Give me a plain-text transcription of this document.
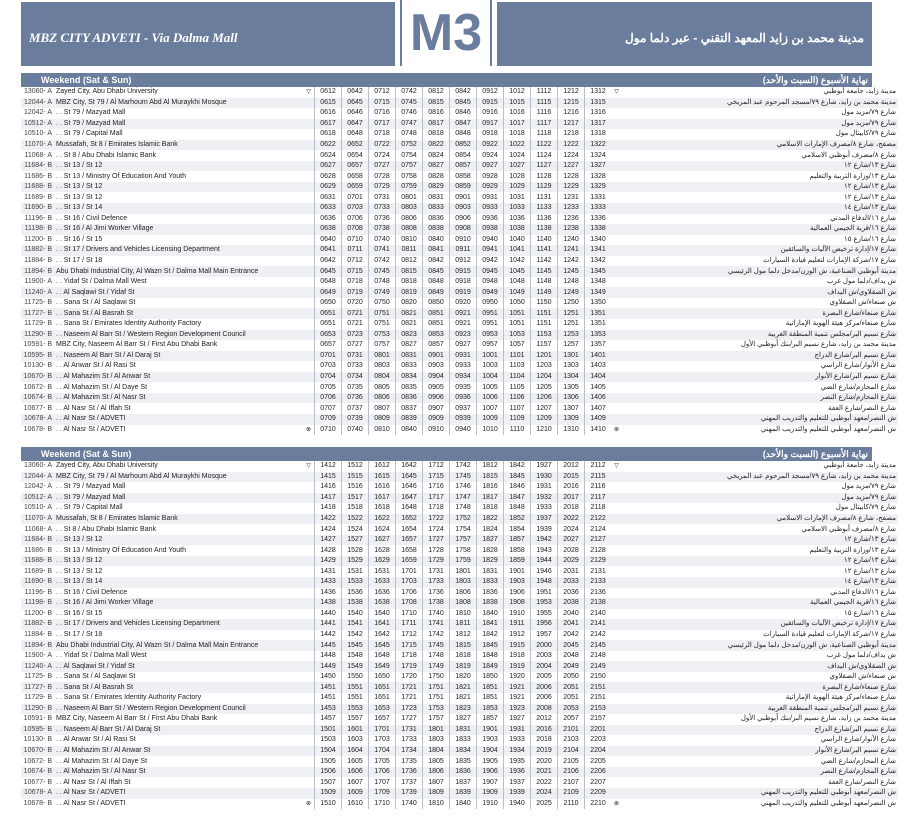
MBZ CITY ADVETI - Via Dalma Mall	M3	مدينة محمد بن زايد المعهد التقني - عبر دلما مول
Weekend (Sat & Sun)	نهاية الأسبوع (السبت والأحد)
13060- A	Zayed City, Abu Dhabi University	▽	0612	0642	0712	0742	0812	0842	0912	1012	1112	1212	1312	▽	مدينة زايد، جامعة أبوظبي
12044- A	MBZ City, St 79 / Al Marhoum Abd Al Muraykhi Mosque		0615	0645	0715	0745	0815	0845	0915	1015	1115	1215	1315		مدينة محمد بن زايد، شارع ٧٩/مسجد المرحوم عبد المريخي
12042- A	. . St 79 / Mazyad Mall		0616	0646	0716	0746	0816	0846	0916	1016	1116	1216	1316		شارع ٧٩/مزيد مول
10512- A	. . St 79 / Mazyad Mall		0617	0647	0717	0747	0817	0847	0917	1017	1117	1217	1317		شارع ٧٩/مزيد مول
10510- A	. . St 79 / Capital Mall		0618	0648	0718	0748	0818	0848	0918	1018	1118	1218	1318		شارع ٧٩/كابيتال مول
11070- A	Mussafah, St 8 / Emirates Islamic Bank		0622	0652	0722	0752	0822	0852	0922	1022	1122	1222	1322		مصفح، شارع ٨/مصرف الإمارات الاسلامي
11068- A	. . St 8 / Abu Dhabi Islamic Bank		0624	0654	0724	0754	0824	0854	0924	1024	1124	1224	1324		شارع ٨/مصرف أبوظبي الاسلامي
11684- B	. . St 13 / St 12		0627	0657	0727	0757	0827	0857	0927	1027	1127	1227	1327		شارع ١٣/شارع ١٢
11686- B	. . St 13 / Ministry Of Education And Youth		0628	0658	0728	0758	0828	0858	0928	1028	1128	1228	1328		شارع ١٣/وزارة التربية والتعليم
11688- B	. . St 13 / St 12		0629	0659	0729	0759	0829	0859	0929	1029	1129	1229	1329		شارع ١٣/شارع ١٢
11689- B	. . St 13 / St 12		0631	0701	0731	0801	0831	0901	0931	1031	1131	1231	1331		شارع ١٣/شارع ١٢
11690- B	. . St 13 / St 14		0633	0703	0733	0803	0833	0903	0933	1033	1133	1233	1333		شارع ١٣/شارع ١٤
11196- B	. . St 16 / Civil Defence		0636	0706	0736	0806	0836	0906	0936	1036	1136	1236	1336		شارع ١٦/الدفاع المدني
11198- B	. . St 16 / Al Jimi Worker Village		0638	0708	0738	0808	0838	0908	0938	1038	1138	1238	1338		شارع ١٦/قرية الجيمي العمالية
11200- B	. . St 16 / St 15		0640	0710	0740	0810	0840	0910	0940	1040	1140	1240	1340		شارع ١٦/شارع ١٥
11882- B	. . St 17 / Drivers and Vehicles Licensing Department		0641	0711	0741	0811	0841	0911	0941	1041	1141	1241	1341		شارع ١٧/إدارة ترخيص الآليات والسائقين
11884- B	. . St 17 / St 18		0642	0712	0742	0812	0842	0912	0942	1042	1142	1242	1342		شارع ١٧/شركة الإمارات لتعليم قيادة السيارات
11894- B	Abu Dhabi Industrial City, Al Wazn St / Dalma Mall Main Entrance		0645	0715	0745	0815	0845	0915	0945	1045	1145	1245	1345		مدينة أبوظبي الصناعية، ش الوزن/مدخل دلما مول الرئيسي
11900- A	. . Yidaf St / Dalma Mall West		0648	0718	0748	0818	0848	0918	0948	1048	1148	1248	1348		ش يداف/دلما مول غرب
11240- A	. . Al Saqlawi St / Yidaf St		0649	0719	0749	0819	0849	0919	0949	1049	1149	1249	1349		ش الصقلاوي/ش اليداف
11725- B	. . Sana St / Al Saqlawi St		0650	0720	0750	0820	0850	0920	0950	1050	1150	1250	1350		ش صنعاء/ش الصقلاوي
11727- B	. . Sana St / Al Basrah St		0651	0721	0751	0821	0851	0921	0951	1051	1151	1251	1351		شارع صنعاء/شارع البصرة
11729- B	. . Sana St / Emirates Identity Authority Factory		0651	0721	0751	0821	0851	0921	0951	1051	1151	1251	1351		شارع صنعاء/مركز هيئة الهوية الإماراتية
11290- B	. . Naseem Al Barr St / Western Region Development Council		0653	0723	0753	0823	0853	0923	0953	1053	1153	1253	1353		شارع نسيم البر/مجلس تنمية المنطقة الغربية
10591- B	MBZ City, Naseem Al Barr St / First Abu Dhabi Bank		0657	0727	0757	0827	0857	0927	0957	1057	1157	1257	1357		مدينة محمد بن زايد، شارع نسيم البر/بنك أبوظبي الأول
10595- B	. . Naseem Al Barr St / Al Daraj St		0701	0731	0801	0831	0901	0931	1001	1101	1201	1301	1401		شارع نسيم البر/شارع الدراج
10130- B	. . Al Anwar St / Al Rasi St		0703	0733	0803	0833	0903	0933	1003	1103	1203	1303	1403		شارع الأنوار/شارع الراسي
10670- B	. . Al Mahazim St / Al Anwar St		0704	0734	0804	0834	0904	0934	1004	1104	1204	1304	1404		شارع نسيم البر/شارع الأنوار
10672- B	. . Al Mahazim St / Al Daye St		0705	0735	0805	0835	0905	0935	1005	1105	1205	1305	1405		شارع المحازم/شارع الضي
10674- B	. . Al Mahazim St / Al Nasr St		0706	0736	0806	0836	0906	0936	1006	1106	1206	1306	1406		شارع المحازم/شارع النصر
10677- B	. . Al Nasr St / Al Iffah St		0707	0737	0807	0837	0907	0937	1007	1107	1207	1307	1407		شارع النصر/شارع العفة
10678- A	. . Al Nasr St / ADVETI		0709	0739	0809	0839	0909	0939	1009	1109	1209	1309	1409		ش النصر/معهد أبوظبي للتعليم والتدريب المهني
10678- B	. . Al Nasr St / ADVETI	⊗	0710	0740	0810	0840	0910	0940	1010	1110	1210	1310	1410	⊗	ش النصر/معهد أبوظبي للتعليم والتدريب المهني
Weekend (Sat & Sun)	نهاية الأسبوع (السبت والأحد)
13060- A	Zayed City, Abu Dhabi University	▽	1412	1512	1612	1642	1712	1742	1812	1842	1927	2012	2112	▽	مدينة زايد، جامعة أبوظبي
12044- A	MBZ City, St 79 / Al Marhoum Abd Al Muraykhi Mosque		1415	1515	1615	1645	1715	1745	1815	1845	1930	2015	2115		مدينة محمد بن زايد، شارع ٧٩/مسجد المرحوم عبد المريخي
12042- A	. . St 79 / Mazyad Mall		1416	1516	1616	1646	1716	1746	1816	1846	1931	2016	2116		شارع ٧٩/مزيد مول
10512- A	. . St 79 / Mazyad Mall		1417	1517	1617	1647	1717	1747	1817	1847	1932	2017	2117		شارع ٧٩/مزيد مول
10510- A	. . St 79 / Capital Mall		1418	1518	1618	1648	1718	1748	1818	1848	1933	2018	2118		شارع ٧٩/كابيتال مول
11070- A	Mussafah, St 8 / Emirates Islamic Bank		1422	1522	1622	1652	1722	1752	1822	1852	1937	2022	2122		مصفح، شارع ٨/مصرف الإمارات الاسلامي
11068- A	. . St 8 / Abu Dhabi Islamic Bank		1424	1524	1624	1654	1724	1754	1824	1854	1939	2024	2124		شارع ٨/مصرف أبوظبي الاسلامي
11684- B	. . St 13 / St 12		1427	1527	1627	1657	1727	1757	1827	1857	1942	2027	2127		شارع ١٣/شارع ١٢
11686- B	. . St 13 / Ministry Of Education And Youth		1428	1528	1628	1658	1728	1758	1828	1858	1943	2028	2128		شارع ١٣/وزارة التربية والتعليم
11688- B	. . St 13 / St 12		1429	1529	1629	1659	1729	1759	1829	1859	1944	2029	2129		شارع ١٣/شارع ١٢
11689- B	. . St 13 / St 12		1431	1531	1631	1701	1731	1801	1831	1901	1946	2031	2131		شارع ١٣/شارع ١٢
11690- B	. . St 13 / St 14		1433	1533	1633	1703	1733	1803	1833	1903	1948	2033	2133		شارع ١٣/شارع ١٤
11196- B	. . St 16 / Civil Defence		1436	1536	1636	1706	1736	1806	1836	1906	1951	2036	2136		شارع ١٦/الدفاع المدني
11198- B	. . St 16 / Al Jimi Worker Village		1438	1538	1638	1708	1738	1808	1838	1908	1953	2038	2138		شارع ١٦/قرية الجيمي العمالية
11200- B	. . St 16 / St 15		1440	1540	1640	1710	1740	1810	1840	1910	1955	2040	2140		شارع ١٦/شارع ١٥
11882- B	. . St 17 / Drivers and Vehicles Licensing Department		1441	1541	1641	1711	1741	1811	1841	1911	1956	2041	2141		شارع ١٧/إدارة ترخيص الآليات والسائقين
11884- B	. . St 17 / St 18		1442	1542	1642	1712	1742	1812	1842	1912	1957	2042	2142		شارع ١٧/شركة الإمارات لتعليم قيادة السيارات
11894- B	Abu Dhabi Industrial City, Al Wazn St / Dalma Mall Main Entrance		1445	1545	1645	1715	1745	1815	1845	1915	2000	2045	2145		مدينة أبوظبي الصناعية، ش الوزن/مدخل دلما مول الرئيسي
11900- A	. . Yidaf St / Dalma Mall West		1448	1548	1648	1718	1748	1818	1848	1918	2003	2048	2148		ش يداف/دلما مول غرب
11240- A	. . Al Saqlawi St / Yidaf St		1449	1549	1649	1719	1749	1819	1849	1919	2004	2049	2149		ش الصقلاوي/ش اليداف
11725- B	. . Sana St / Al Saqlawi St		1450	1550	1650	1720	1750	1820	1850	1920	2005	2050	2150		ش صنعاء/ش الصقلاوي
11727- B	. . Sana St / Al Basrah St		1451	1551	1651	1721	1751	1821	1851	1921	2006	2051	2151		شارع صنعاء/شارع البصرة
11729- B	. . Sana St / Emirates Identity Authority Factory		1451	1551	1651	1721	1751	1821	1851	1921	2006	2051	2151		شارع صنعاء/مركز هيئة الهوية الإماراتية
11290- B	. . Naseem Al Barr St / Western Region Development Council		1453	1553	1653	1723	1753	1823	1853	1923	2008	2053	2153		شارع نسيم البر/مجلس تنمية المنطقة الغربية
10591- B	MBZ City, Naseem Al Barr St / First Abu Dhabi Bank		1457	1557	1657	1727	1757	1827	1857	1927	2012	2057	2157		مدينة محمد بن زايد، شارع نسيم البر/بنك أبوظبي الأول
10595- B	. . Naseem Al Barr St / Al Daraj St		1501	1601	1701	1731	1801	1831	1901	1931	2016	2101	2201		شارع نسيم البر/شارع الدراج
10130- B	. . Al Anwar St / Al Rasi St		1503	1603	1703	1733	1803	1833	1903	1933	2018	2103	2203		شارع الأنوار/شارع الراسي
10670- B	. . Al Mahazim St / Al Anwar St		1504	1604	1704	1734	1804	1834	1904	1934	2019	2104	2204		شارع نسيم البر/شارع الأنوار
10672- B	. . Al Mahazim St / Al Daye St		1505	1605	1705	1735	1805	1835	1905	1935	2020	2105	2205		شارع المحازم/شارع الضي
10674- B	. . Al Mahazim St / Al Nasr St		1506	1606	1706	1736	1806	1836	1906	1936	2021	2106	2206		شارع المحازم/شارع النصر
10677- B	. . Al Nasr St / Al Iffah St		1507	1607	1707	1737	1807	1837	1907	1937	2022	2107	2207		شارع النصر/شارع العفة
10678- A	. . Al Nasr St / ADVETI		1509	1609	1709	1739	1809	1839	1909	1939	2024	2109	2209		ش النصر/معهد أبوظبي للتعليم والتدريب المهني
10678- B	. . Al Nasr St / ADVETI	⊗	1510	1610	1710	1740	1810	1840	1910	1940	2025	2110	2210	⊗	ش النصر/معهد أبوظبي للتعليم والتدريب المهني
